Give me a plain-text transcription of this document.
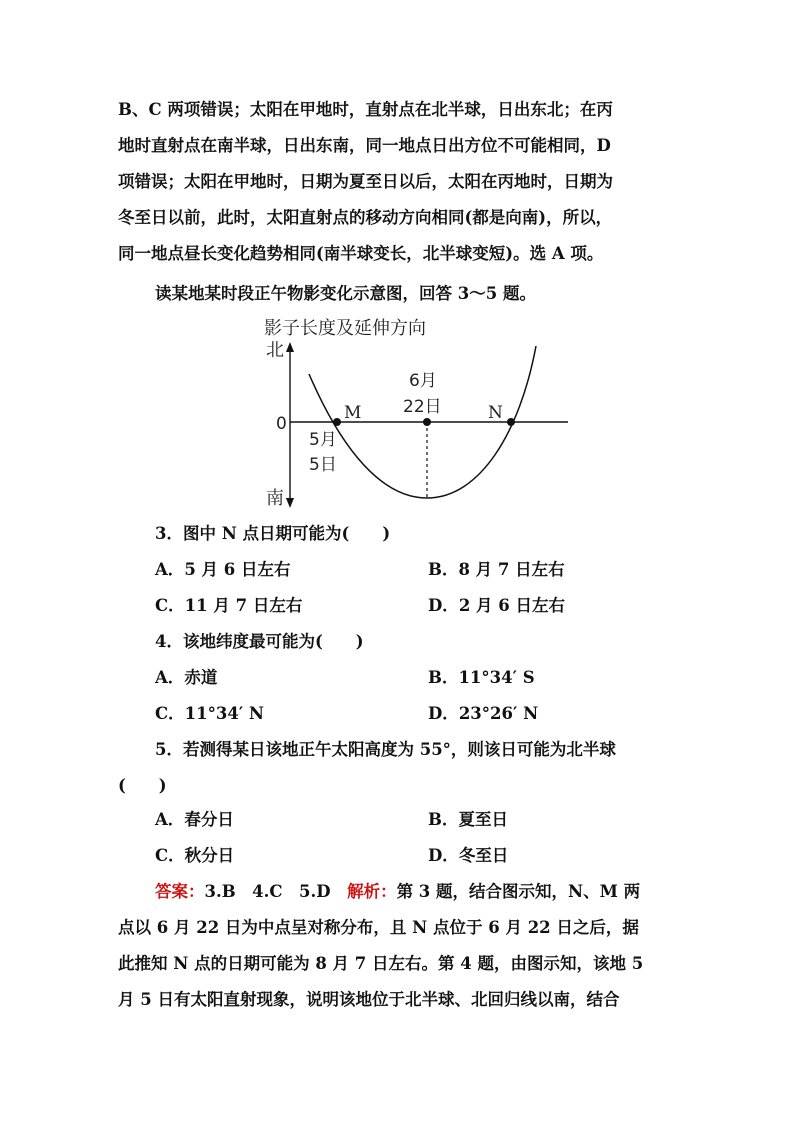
B、C 两项错误；太阳在甲地时，直射点在北半球，日出东北；在丙
地时直射点在南半球，日出东南，同一地点日出方位不可能相同，D
项错误；太阳在甲地时，日期为夏至日以后，太阳在丙地时，日期为
冬至日以前，此时，太阳直射点的移动方向相同(都是向南)，所以，
同一地点昼长变化趋势相同(南半球变长，北半球变短)。选 A 项。
读某地某时段正午物影变化示意图，回答 3～5 题。
影子长度及延伸方向
北
南
0
M	N
6月
22日
5月
5日
3．图中 N 点日期可能为(　　)
A．5 月 6 日左右	B．8 月 7 日左右
C．11 月 7 日左右	D．2 月 6 日左右
4．该地纬度最可能为(　　)
A．赤道	B．11°34′ S
C．11°34′ N	D．23°26′ N
5．若测得某日该地正午太阳高度为 55°，则该日可能为北半球
(　　)
A．春分日	B．夏至日
C．秋分日	D．冬至日
答案：3.B　4.C　5.D　 解析：第 3 题，结合图示知，N、M 两
点以 6 月 22 日为中点呈对称分布，且 N 点位于 6 月 22 日之后，据
此推知 N 点的日期可能为 8 月 7 日左右。第 4 题，由图示知，该地 5
月 5 日有太阳直射现象，说明该地位于北半球、北回归线以南，结合
